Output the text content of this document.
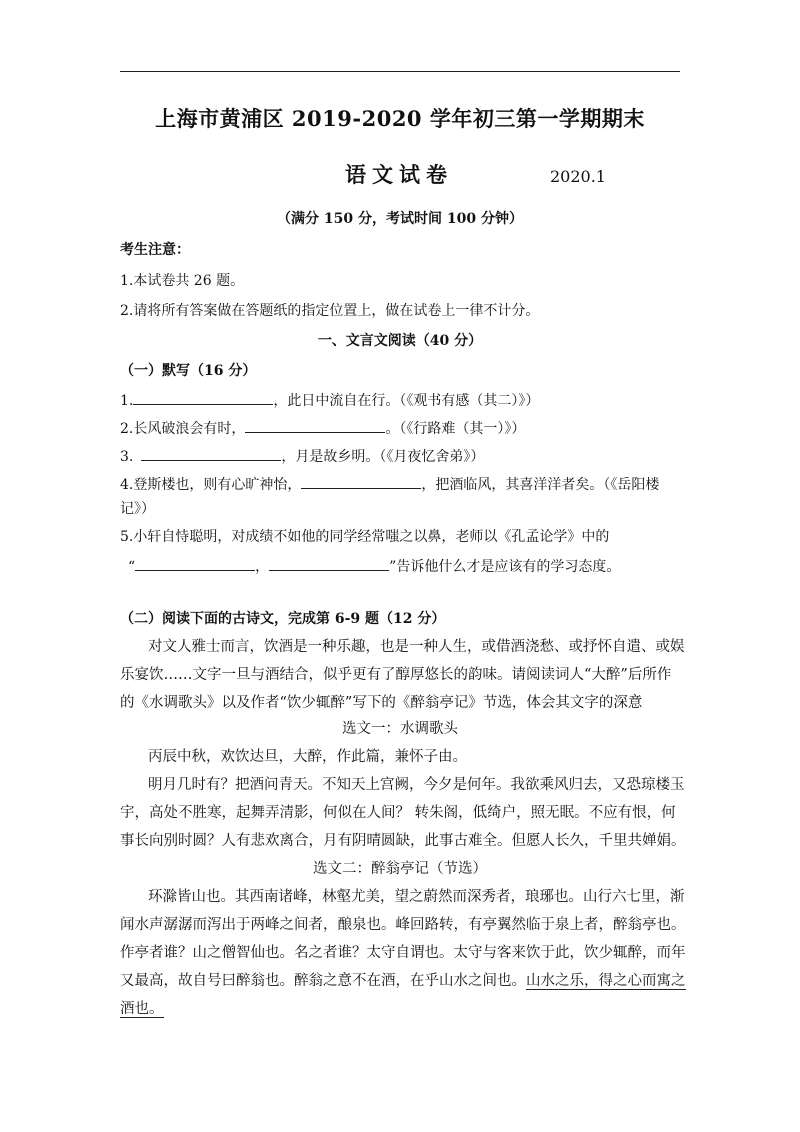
上海市黄浦区 2019-2020 学年初三第一学期期末
语文试卷	2020.1
（满分 150 分，考试时间 100 分钟）
考生注意：
1.本试卷共 26 题。
2.请将所有答案做在答题纸的指定位置上，做在试卷上一律不计分。
一、文言文阅读（40 分）
（一）默写（16 分）
1.	，此日中流自在行。（《观书有感（其二）》）
2.长风破浪会有时，	。（《行路难（其一）》）
3.	，月是故乡明。（《月夜忆舍弟》）
4.登斯楼也，则有心旷神怡，	，把酒临风，其喜洋洋者矣。（《岳阳楼
记》）
5.小轩自恃聪明，对成绩不如他的同学经常嗤之以鼻，老师以《孔孟论学》中的
“	，	”告诉他什么才是应该有的学习态度。
（二）阅读下面的古诗文，完成第 6-9 题（12 分）
对文人雅士而言，饮酒是一种乐趣，也是一种人生，或借酒浇愁、或抒怀自遣、或娱
乐宴饮……文字一旦与酒结合，似乎更有了醇厚悠长的韵味。请阅读词人“大醉”后所作
的《水调歌头》以及作者“饮少辄醉”写下的《醉翁亭记》节选，体会其文字的深意
选文一：水调歌头
丙辰中秋，欢饮达旦，大醉，作此篇，兼怀子由。
明月几时有？把酒问青天。不知天上宫阙，今夕是何年。我欲乘风归去，又恐琼楼玉
宇，高处不胜寒，起舞弄清影，何似在人间？ 转朱阁，低绮户，照无眠。不应有恨，何
事长向别时圆？人有悲欢离合，月有阴晴圆缺，此事古难全。但愿人长久，千里共婵娟。
选文二：醉翁亭记（节选）
环滁皆山也。其西南诸峰，林壑尤美，望之蔚然而深秀者，琅琊也。山行六七里，渐
闻水声潺潺而泻出于两峰之间者，酿泉也。峰回路转，有亭翼然临于泉上者，醉翁亭也。
作亭者谁？山之僧智仙也。名之者谁？太守自谓也。太守与客来饮于此，饮少辄醉，而年
又最高，故自号曰醉翁也。醉翁之意不在酒，在乎山水之间也。山水之乐，得之心而寓之
酒也。
